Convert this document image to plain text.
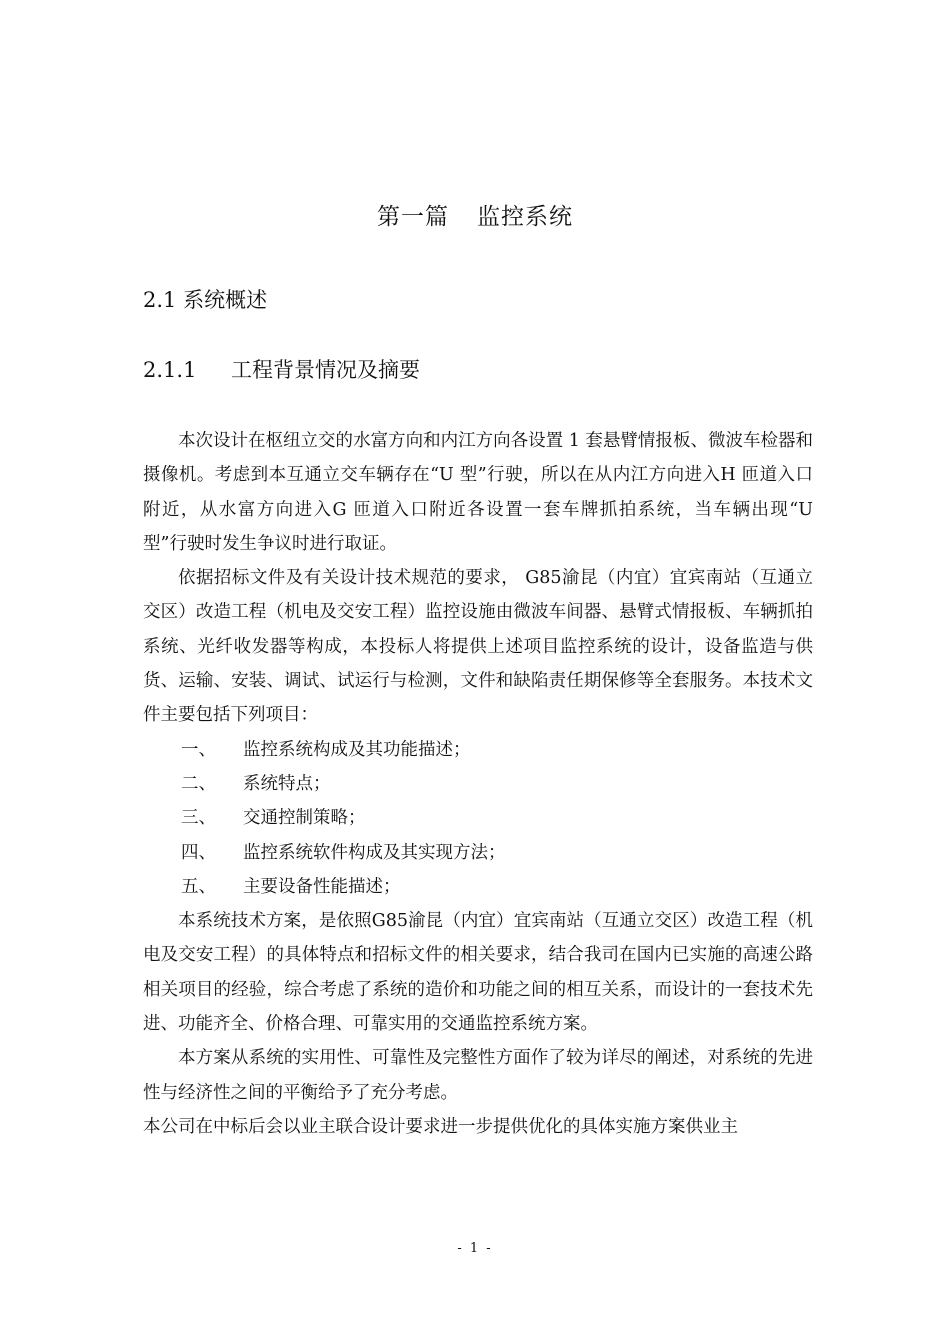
第一篇 监控系统
2.1 系统概述
2.1.1 工程背景情况及摘要

本次设计在枢纽立交的水富方向和内江方向各设置 1 套悬臂情报板、微波车检器和摄像机。考虑到本互通立交车辆存在“U 型”行驶，所以在从内江方向进入H 匝道入口附近，从水富方向进入G 匝道入口附近各设置一套车牌抓拍系统，当车辆出现“U 型”行驶时发生争议时进行取证。

依据招标文件及有关设计技术规范的要求， G85渝昆（内宜）宜宾南站（互通立交区）改造工程（机电及交安工程）监控设施由微波车间器、悬臂式情报板、车辆抓拍系统、光纤收发器等构成，本投标人将提供上述项目监控系统的设计，设备监造与供货、运输、安装、调试、试运行与检测，文件和缺陷责任期保修等全套服务。本技术文件主要包括下列项目：

一、 监控系统构成及其功能描述；
二、 系统特点；
三、 交通控制策略；
四、 监控系统软件构成及其实现方法；
五、 主要设备性能描述；

本系统技术方案，是依照G85渝昆（内宜）宜宾南站（互通立交区）改造工程（机电及交安工程）的具体特点和招标文件的相关要求，结合我司在国内已实施的高速公路相关项目的经验，综合考虑了系统的造价和功能之间的相互关系，而设计的一套技术先进、功能齐全、价格合理、可靠实用的交通监控系统方案。

本方案从系统的实用性、可靠性及完整性方面作了较为详尽的阐述，对系统的先进性与经济性之间的平衡给予了充分考虑。

本公司在中标后会以业主联合设计要求进一步提供优化的具体实施方案供业主

- 1 -
